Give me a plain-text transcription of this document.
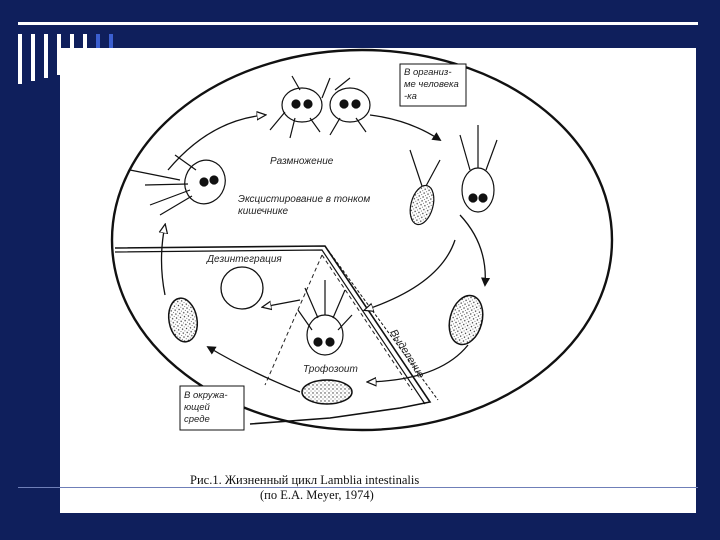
В организ-
ме человека
-ка
В окружа-
ющей
среде
Размножение
Эксцистирование в тонком
кишечнике
Дезинтеграция
Трофозоит	Выделение
Рис.1. Жизненный цикл Lamblia intestinalis
(по Е.А. Meyer, 1974)
